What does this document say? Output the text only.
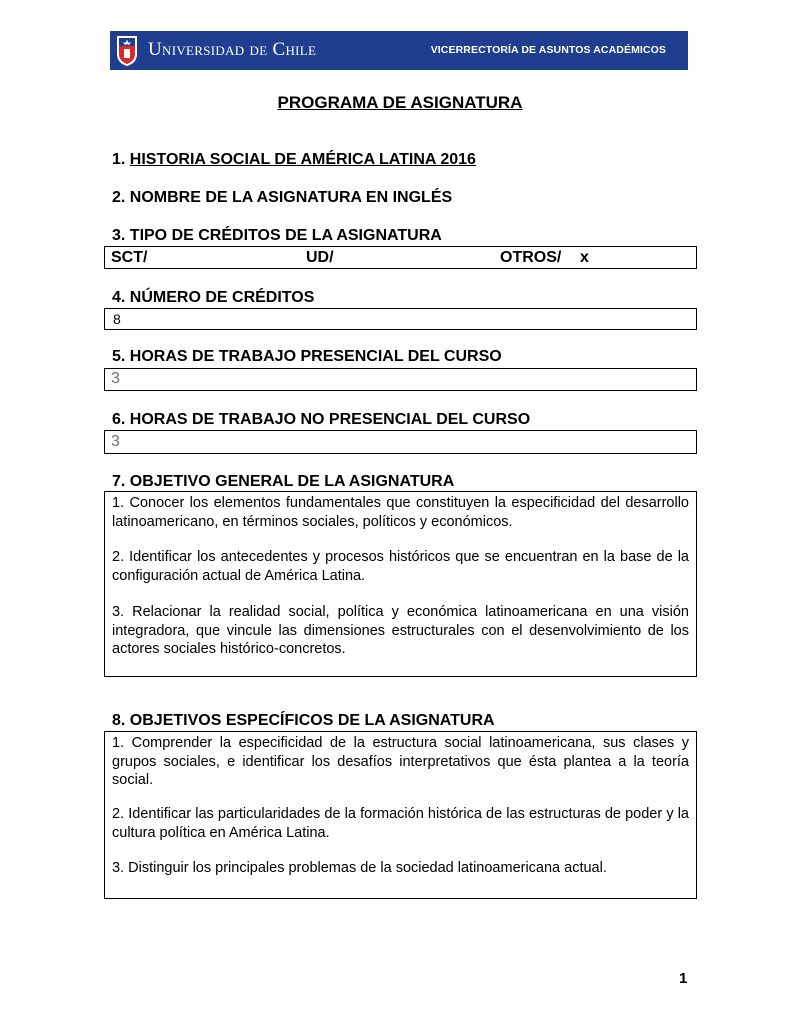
Universidad de Chile	VICERRECTORÍA DE ASUNTOS ACADÉMICOS
PROGRAMA DE ASIGNATURA
1. HISTORIA SOCIAL DE AMÉRICA LATINA 2016
2. NOMBRE DE LA ASIGNATURA EN INGLÉS
3. TIPO DE CRÉDITOS DE LA ASIGNATURA
SCT/	UD/	OTROS/ x
4. NÚMERO DE CRÉDITOS
8
5. HORAS DE TRABAJO PRESENCIAL DEL CURSO
3
6. HORAS DE TRABAJO NO PRESENCIAL DEL CURSO
3
7. OBJETIVO GENERAL DE LA ASIGNATURA

1. Conocer los elementos fundamentales que constituyen la especificidad del desarrollo latinoamericano, en términos sociales, políticos y económicos.

2. Identificar los antecedentes y procesos históricos que se encuentran en la base de la configuración actual de América Latina.

3. Relacionar la realidad social, política y económica latinoamericana en una visión integradora, que vincule las dimensiones estructurales con el desenvolvimiento de los actores sociales histórico-concretos.

8. OBJETIVOS ESPECÍFICOS DE LA ASIGNATURA

1. Comprender la especificidad de la estructura social latinoamericana, sus clases y grupos sociales, e identificar los desafíos interpretativos que ésta plantea a la teoría social.

2. Identificar las particularidades de la formación histórica de las estructuras de poder y la cultura política en América Latina.

3. Distinguir los principales problemas de la sociedad latinoamericana actual.

1
